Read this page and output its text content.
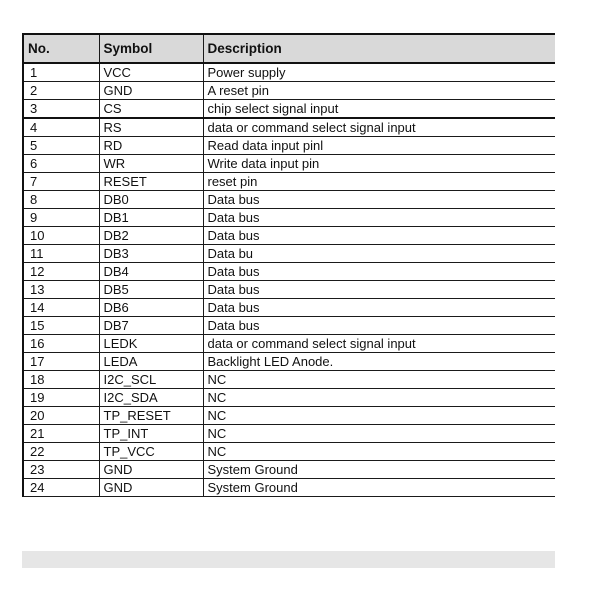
No.	Symbol	Description
1	VCC	Power supply
2	GND	A reset pin
3	CS	chip select signal input
4	RS	data or command select signal input
5	RD	Read data input pinl
6	WR	Write data input pin
7	RESET	reset pin
8	DB0	Data bus
9	DB1	Data bus
10	DB2	Data bus
11	DB3	Data bu
12	DB4	Data bus
13	DB5	Data bus
14	DB6	Data bus
15	DB7	Data bus
16	LEDK	data or command select signal input
17	LEDA	Backlight LED Anode.
18	I2C_SCL	NC
19	I2C_SDA	NC
20	TP_RESET	NC
21	TP_INT	NC
22	TP_VCC	NC
23	GND	System Ground
24	GND	System Ground
